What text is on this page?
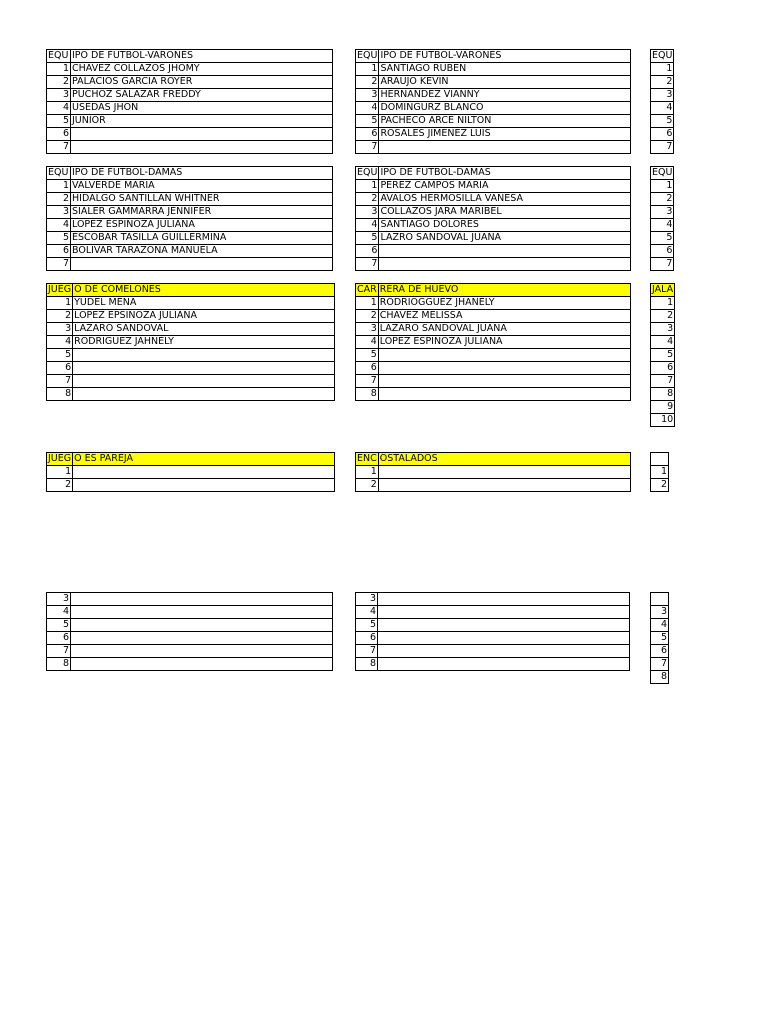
EQU	IPO DE FUTBOL-VARONES
1	CHAVEZ COLLAZOS JHOMY
2	PALACIOS GARCIA ROYER
3	PUCHOZ SALAZAR FREDDY
4	USEDAS JHON
5	JUNIOR
6	
7	
EQU	IPO DE FUTBOL-DAMAS
1	VALVERDE MARIA
2	HIDALGO SANTILLAN WHITNER
3	SIALER GAMMARRA JENNIFER
4	LOPEZ ESPINOZA JULIANA
5	ESCOBAR TASILLA GUILLERMINA
6	BOLIVAR TARAZONA MANUELA
7	
JUEG	O DE COMELONES
1	YUDEL MENA
2	LOPEZ EPSINOZA JULIANA
3	LAZARO SANDOVAL
4	RODRIGUEZ JAHNELY
5	
6	
7	
8	
JUEG	O ES PAREJA
1	
2	
3	
4	
5	
6	
7	
8	
EQU	IPO DE FUTBOL-VARONES
1	SANTIAGO RUBEN
2	ARAUJO KEVIN
3	HERNANDEZ VIANNY
4	DOMINGURZ BLANCO
5	PACHECO ARCE NILTON
6	ROSALES JIMENEZ LUIS
7	
EQU	IPO DE FUTBOL-DAMAS
1	PEREZ CAMPOS MARIA
2	AVALOS HERMOSILLA VANESA
3	COLLAZOS JARA MARIBEL
4	SANTIAGO DOLORES
5	LAZRO SANDOVAL JUANA
6	
7	
CAR	RERA DE HUEVO
1	RODRIOGGUEZ JHANELY
2	CHAVEZ MELISSA
3	LAZARO SANDOVAL JUANA
4	LOPEZ ESPINOZA JULIANA
5	
6	
7	
8	
ENC	OSTALADOS
1	
2	
3	
4	
5	
6	
7	
8	
EQU
1
2
3
4
5
6
7
EQU
1
2
3
4
5
6
7
JALA
1
2
3
4
5
6
7
8
9
10

1
2

3
4
5
6
7
8
